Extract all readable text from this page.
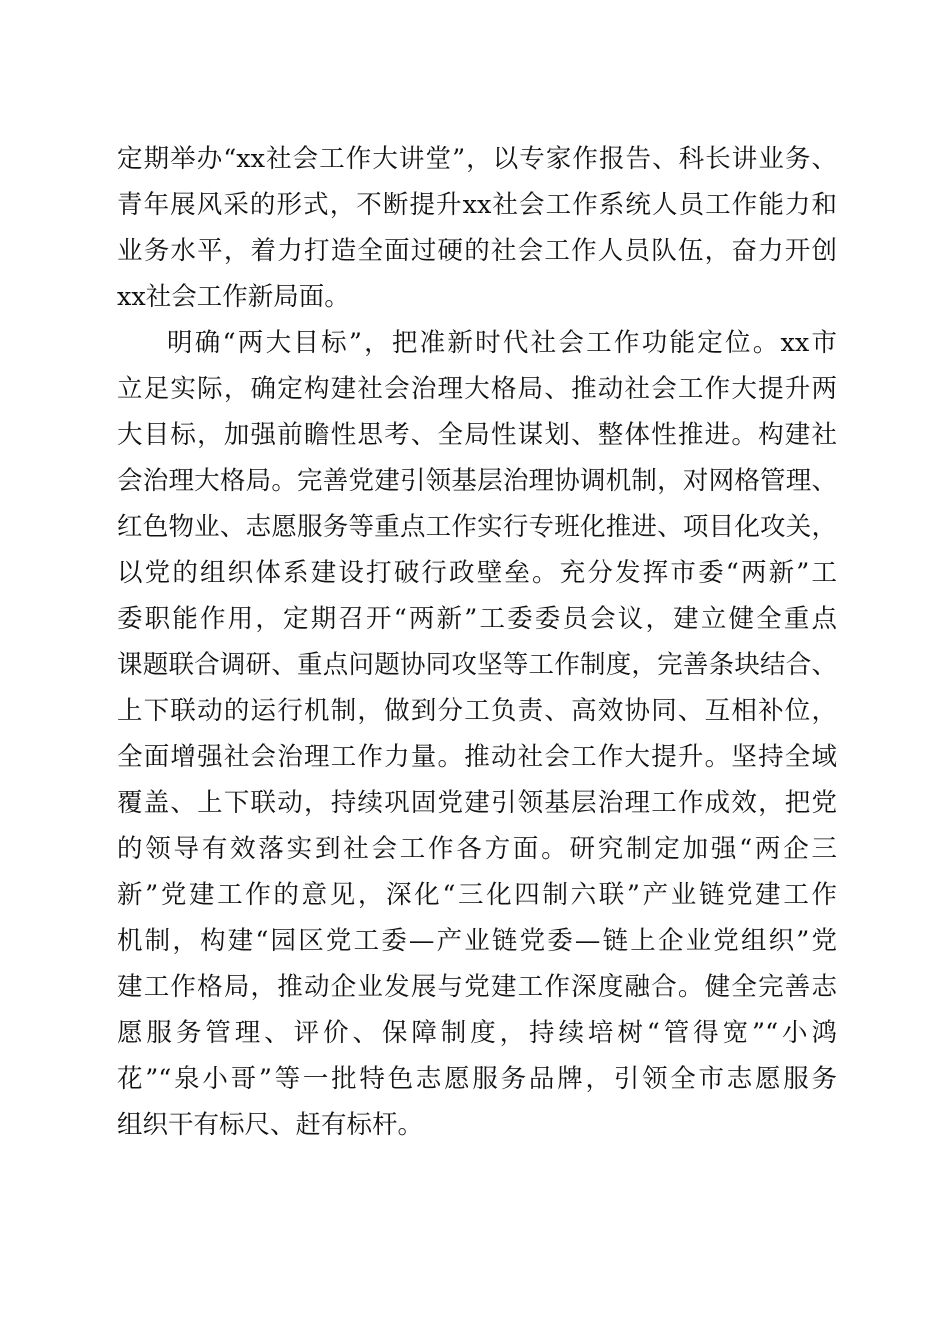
定期举办“xx社会工作大讲堂”，以专家作报告、科长讲业务、
青年展风采的形式，不断提升xx社会工作系统人员工作能力和
业务水平，着力打造全面过硬的社会工作人员队伍，奋力开创
xx社会工作新局面。
明确“两大目标”，把准新时代社会工作功能定位。xx市
立足实际，确定构建社会治理大格局、推动社会工作大提升两
大目标，加强前瞻性思考、全局性谋划、整体性推进。构建社
会治理大格局。完善党建引领基层治理协调机制，对网格管理、
红色物业、志愿服务等重点工作实行专班化推进、项目化攻关，
以党的组织体系建设打破行政壁垒。充分发挥市委“两新”工
委职能作用，定期召开“两新”工委委员会议，建立健全重点
课题联合调研、重点问题协同攻坚等工作制度，完善条块结合、
上下联动的运行机制，做到分工负责、高效协同、互相补位，
全面增强社会治理工作力量。推动社会工作大提升。坚持全域
覆盖、上下联动，持续巩固党建引领基层治理工作成效，把党
的领导有效落实到社会工作各方面。研究制定加强“两企三
新”党建工作的意见，深化“三化四制六联”产业链党建工作
机制，构建“园区党工委—产业链党委—链上企业党组织”党
建工作格局，推动企业发展与党建工作深度融合。健全完善志
愿服务管理、评价、保障制度，持续培树“管得宽”“小鸿
花”“泉小哥”等一批特色志愿服务品牌，引领全市志愿服务
组织干有标尺、赶有标杆。
